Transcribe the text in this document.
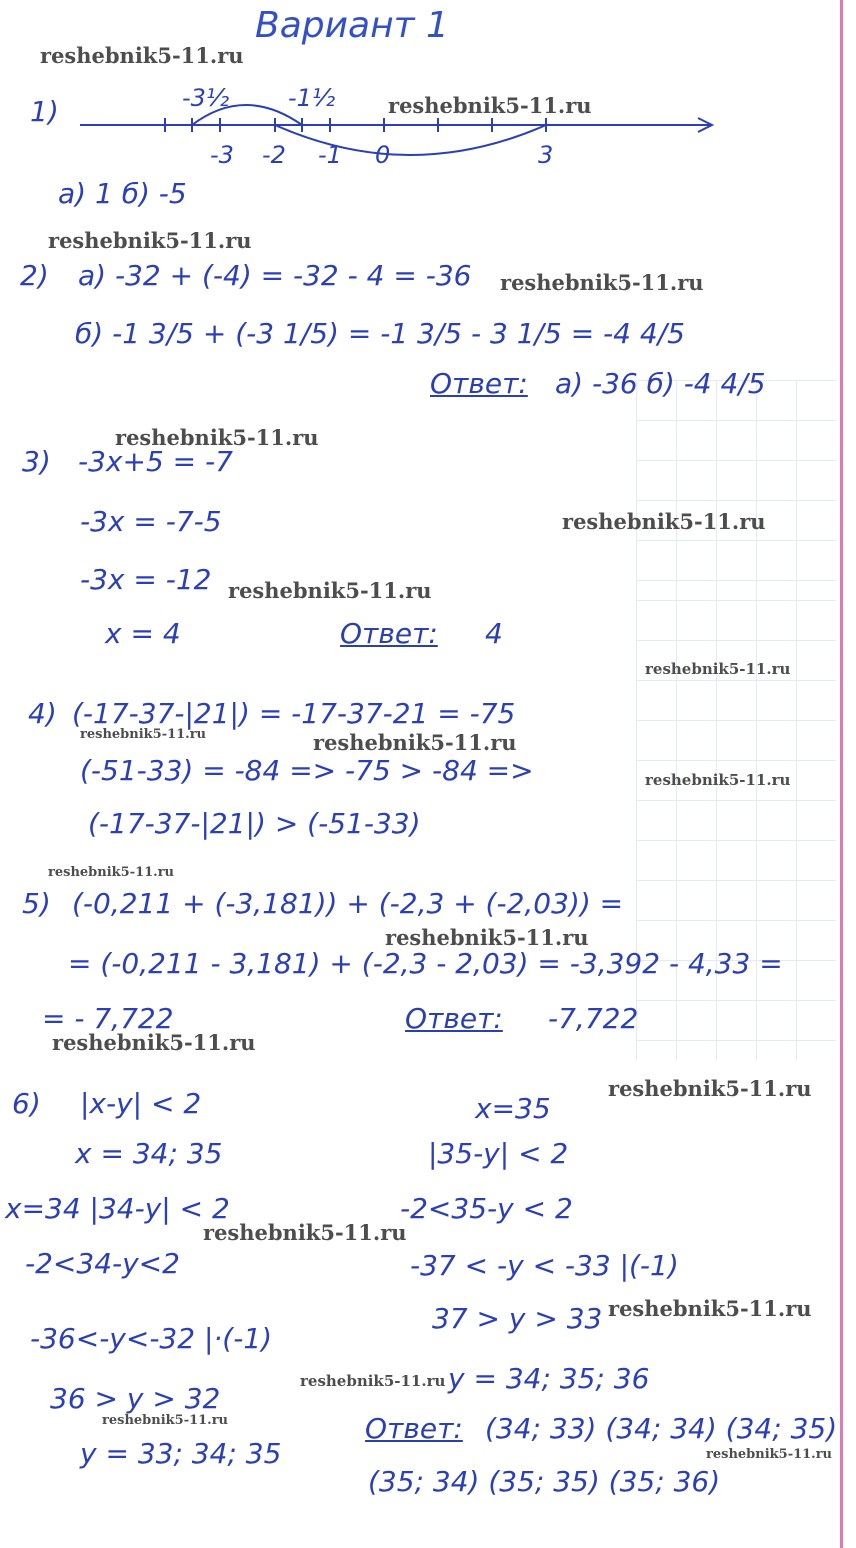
Вариант 1
1)	-3½ -1½
-3 -2 -1 0	3
а) 1 б) -5
2) а) -32 + (-4) = -32 - 4 = -36
б) -1 3/5 + (-3 1/5) = -1 3/5 - 3 1/5 = -4 4/5
Ответ: а) -36 б) -4 4/5
3) -3x+5 = -7
-3x = -7-5
-3x = -12
x = 4	Ответ: 4
4) (-17-37-|21|) = -17-37-21 = -75
(-51-33) = -84 => -75 > -84 =>
(-17-37-|21|) > (-51-33)
5) (-0,211 + (-3,181)) + (-2,3 + (-2,03)) =
= (-0,211 - 3,181) + (-2,3 - 2,03) = -3,392 - 4,33 =
= - 7,722	Ответ: -7,722
6) |x-y| < 2
x = 34; 35
x=34 |34-y| < 2
-2<34-y<2
-36<-y<-32 |·(-1)
36 > y > 32
y = 33; 34; 35
x=35
|35-y| < 2
-2<35-y < 2
-37 < -y < -33 |(-1)
37 > y > 33
y = 34; 35; 36
Ответ: (34; 33) (34; 34) (34; 35)
(35; 34) (35; 35) (35; 36)
reshebnik5-11.ru
reshebnik5-11.ru
reshebnik5-11.ru
reshebnik5-11.ru
reshebnik5-11.ru
reshebnik5-11.ru
reshebnik5-11.ru
reshebnik5-11.ru
reshebnik5-11.ru	reshebnik5-11.ru
reshebnik5-11.ru
reshebnik5-11.ru
reshebnik5-11.ru
reshebnik5-11.ru
reshebnik5-11.ru
reshebnik5-11.ru
reshebnik5-11.ru
reshebnik5-11.ru
reshebnik5-11.ru
reshebnik5-11.ru
